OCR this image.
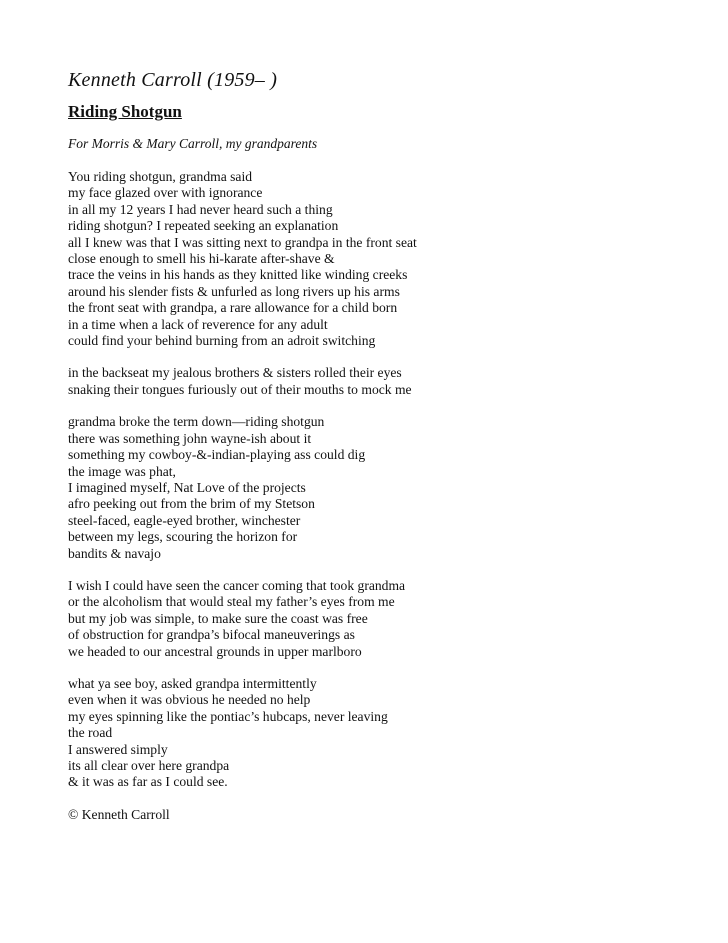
Kenneth Carroll (1959– )

Riding Shotgun

For Morris & Mary Carroll, my grandparents

You riding shotgun, grandma said
my face glazed over with ignorance
in all my 12 years I had never heard such a thing
riding shotgun? I repeated seeking an explanation
all I knew was that I was sitting next to grandpa in the front seat
close enough to smell his hi-karate after-shave &
trace the veins in his hands as they knitted like winding creeks
around his slender fists & unfurled as long rivers up his arms
the front seat with grandpa, a rare allowance for a child born
in a time when a lack of reverence for any adult
could find your behind burning from an adroit switching
in the backseat my jealous brothers & sisters rolled their eyes
snaking their tongues furiously out of their mouths to mock me
grandma broke the term down—riding shotgun
there was something john wayne-ish about it
something my cowboy-&-indian-playing ass could dig
the image was phat,
I imagined myself, Nat Love of the projects
afro peeking out from the brim of my Stetson
steel-faced, eagle-eyed brother, winchester
between my legs, scouring the horizon for
bandits & navajo
I wish I could have seen the cancer coming that took grandma
or the alcoholism that would steal my father’s eyes from me
but my job was simple, to make sure the coast was free
of obstruction for grandpa’s bifocal maneuverings as
we headed to our ancestral grounds in upper marlboro
what ya see boy, asked grandpa intermittently
even when it was obvious he needed no help
my eyes spinning like the pontiac’s hubcaps, never leaving
the road
I answered simply
its all clear over here grandpa
& it was as far as I could see.

© Kenneth Carroll
